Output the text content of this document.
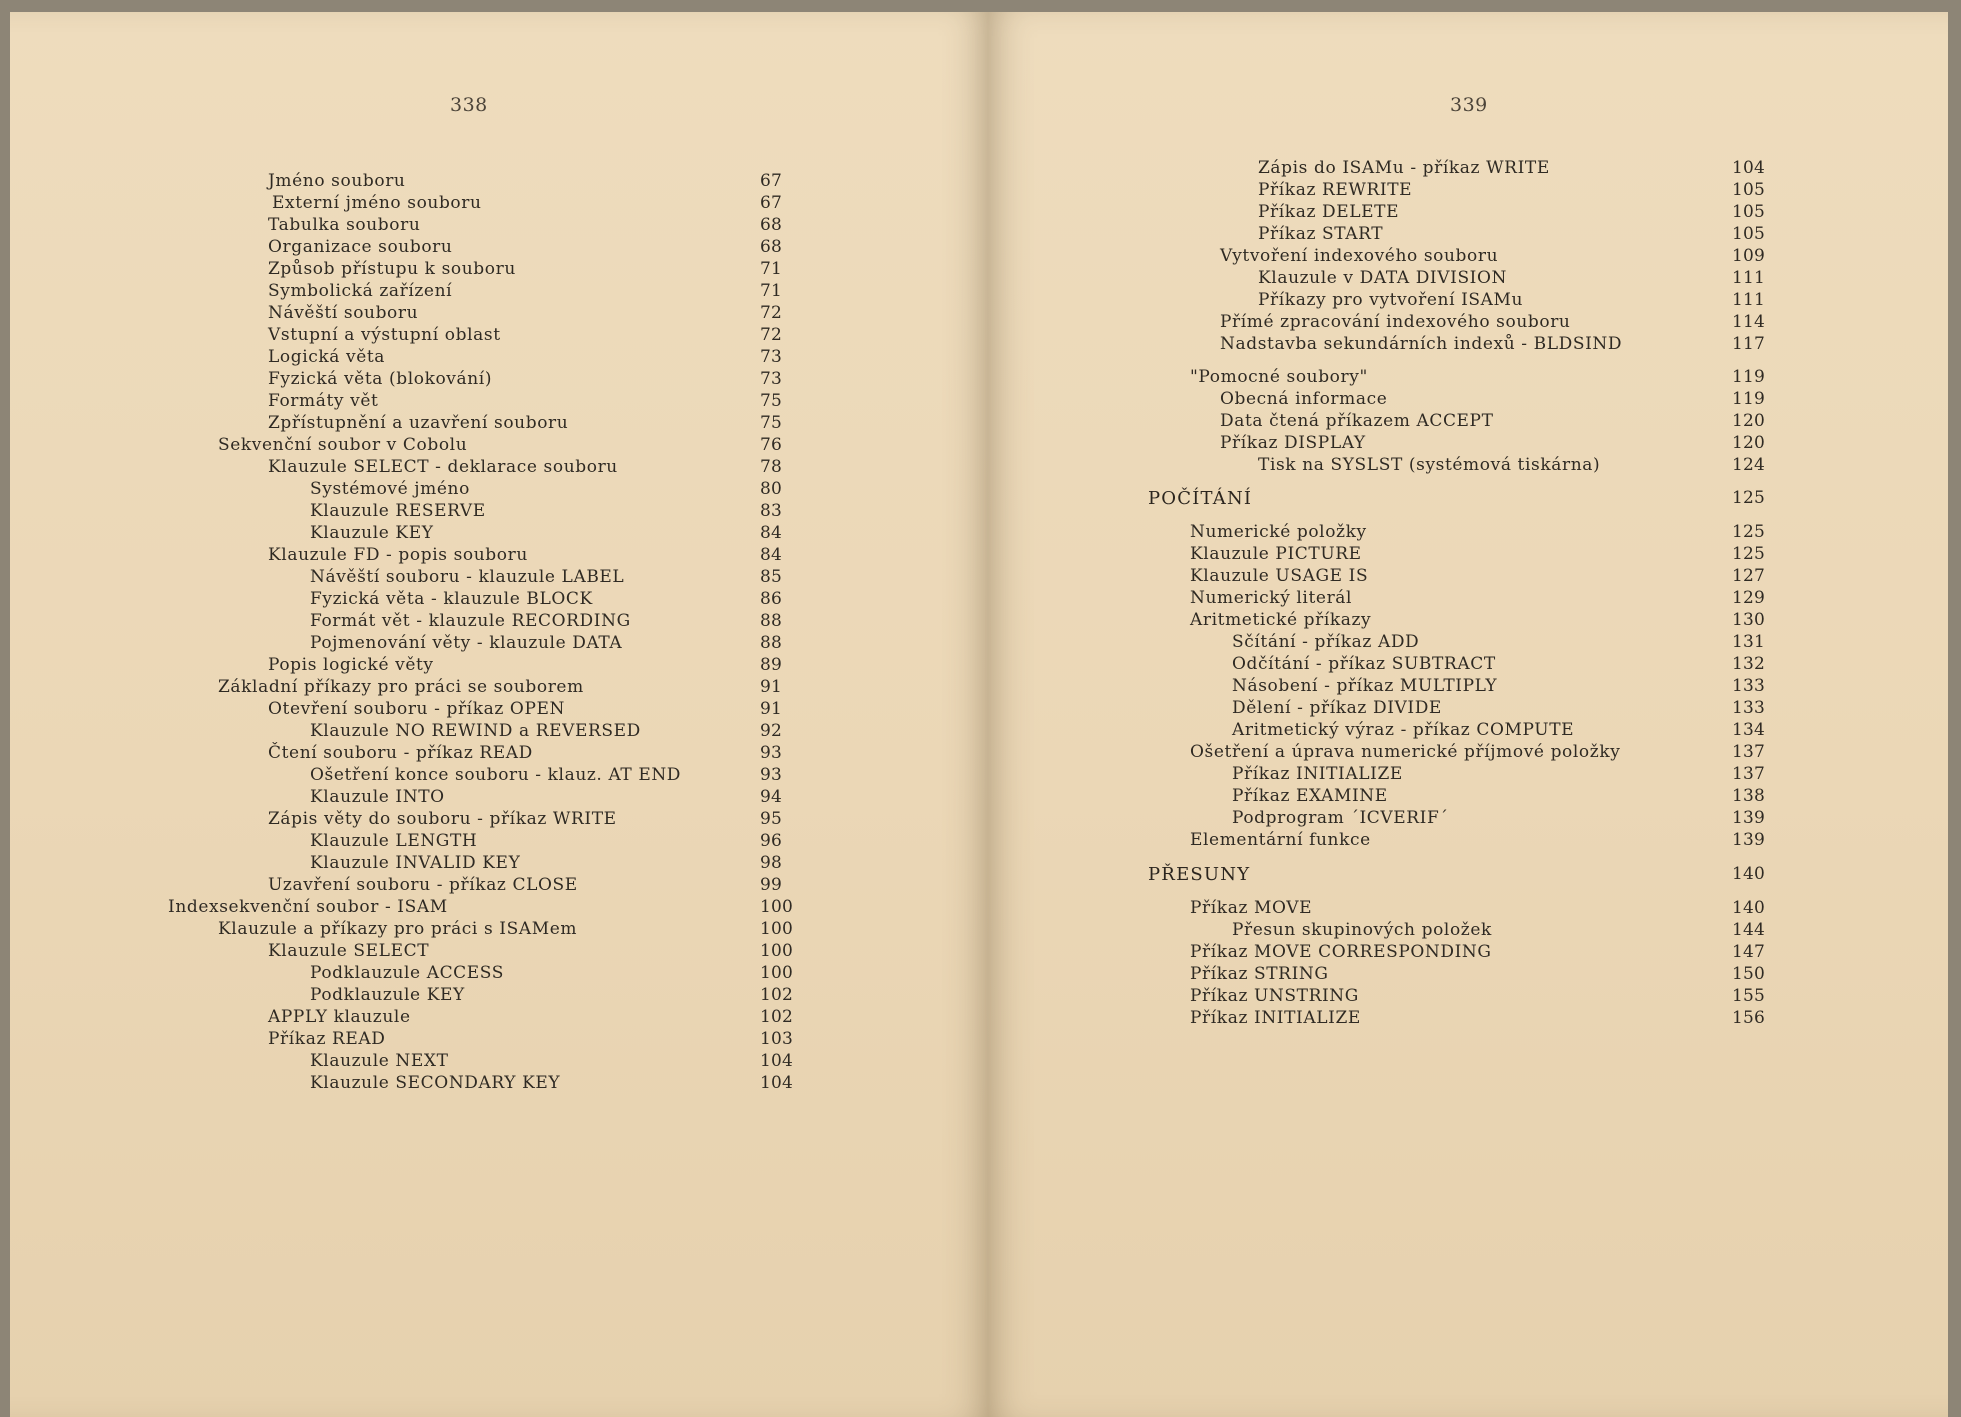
338
Jméno souboru	67
Externí jméno souboru	67
Tabulka souboru	68
Organizace souboru	68
Způsob přístupu k souboru	71
Symbolická zařízení	71
Návěští souboru	72
Vstupní a výstupní oblast	72
Logická věta	73
Fyzická věta (blokování)	73
Formáty vět	75
Zpřístupnění a uzavření souboru	75
Sekvenční soubor v Cobolu	76
Klauzule SELECT - deklarace souboru	78
Systémové jméno	80
Klauzule RESERVE	83
Klauzule KEY	84
Klauzule FD - popis souboru	84
Návěští souboru - klauzule LABEL	85
Fyzická věta - klauzule BLOCK	86
Formát vět - klauzule RECORDING	88
Pojmenování věty - klauzule DATA	88
Popis logické věty	89
Základní příkazy pro práci se souborem	91
Otevření souboru - příkaz OPEN	91
Klauzule NO REWIND a REVERSED	92
Čtení souboru - příkaz READ	93
Ošetření konce souboru - klauz. AT END	93
Klauzule INTO	94
Zápis věty do souboru - příkaz WRITE	95
Klauzule LENGTH	96
Klauzule INVALID KEY	98
Uzavření souboru - příkaz CLOSE	99
Indexsekvenční soubor - ISAM	100
Klauzule a příkazy pro práci s ISAMem	100
Klauzule SELECT	100
Podklauzule ACCESS	100
Podklauzule KEY	102
APPLY klauzule	102
Příkaz READ	103
Klauzule NEXT	104
Klauzule SECONDARY KEY	104
339
Zápis do ISAMu - příkaz WRITE	104
Příkaz REWRITE	105
Příkaz DELETE	105
Příkaz START	105
Vytvoření indexového souboru	109
Klauzule v DATA DIVISION	111
Příkazy pro vytvoření ISAMu	111
Přímé zpracování indexového souboru	114
Nadstavba sekundárních indexů - BLDSIND	117
"Pomocné soubory"	119
Obecná informace	119
Data čtená příkazem ACCEPT	120
Příkaz DISPLAY	120
Tisk na SYSLST (systémová tiskárna)	124
POČÍTÁNÍ	125
Numerické položky	125
Klauzule PICTURE	125
Klauzule USAGE IS	127
Numerický literál	129
Aritmetické příkazy	130
Sčítání - příkaz ADD	131
Odčítání - příkaz SUBTRACT	132
Násobení - příkaz MULTIPLY	133
Dělení - příkaz DIVIDE	133
Aritmetický výraz - příkaz COMPUTE	134
Ošetření a úprava numerické příjmové položky	137
Příkaz INITIALIZE	137
Příkaz EXAMINE	138
Podprogram ´ICVERIF´	139
Elementární funkce	139
PŘESUNY	140
Příkaz MOVE	140
Přesun skupinových položek	144
Příkaz MOVE CORRESPONDING	147
Příkaz STRING	150
Příkaz UNSTRING	155
Příkaz INITIALIZE	156
